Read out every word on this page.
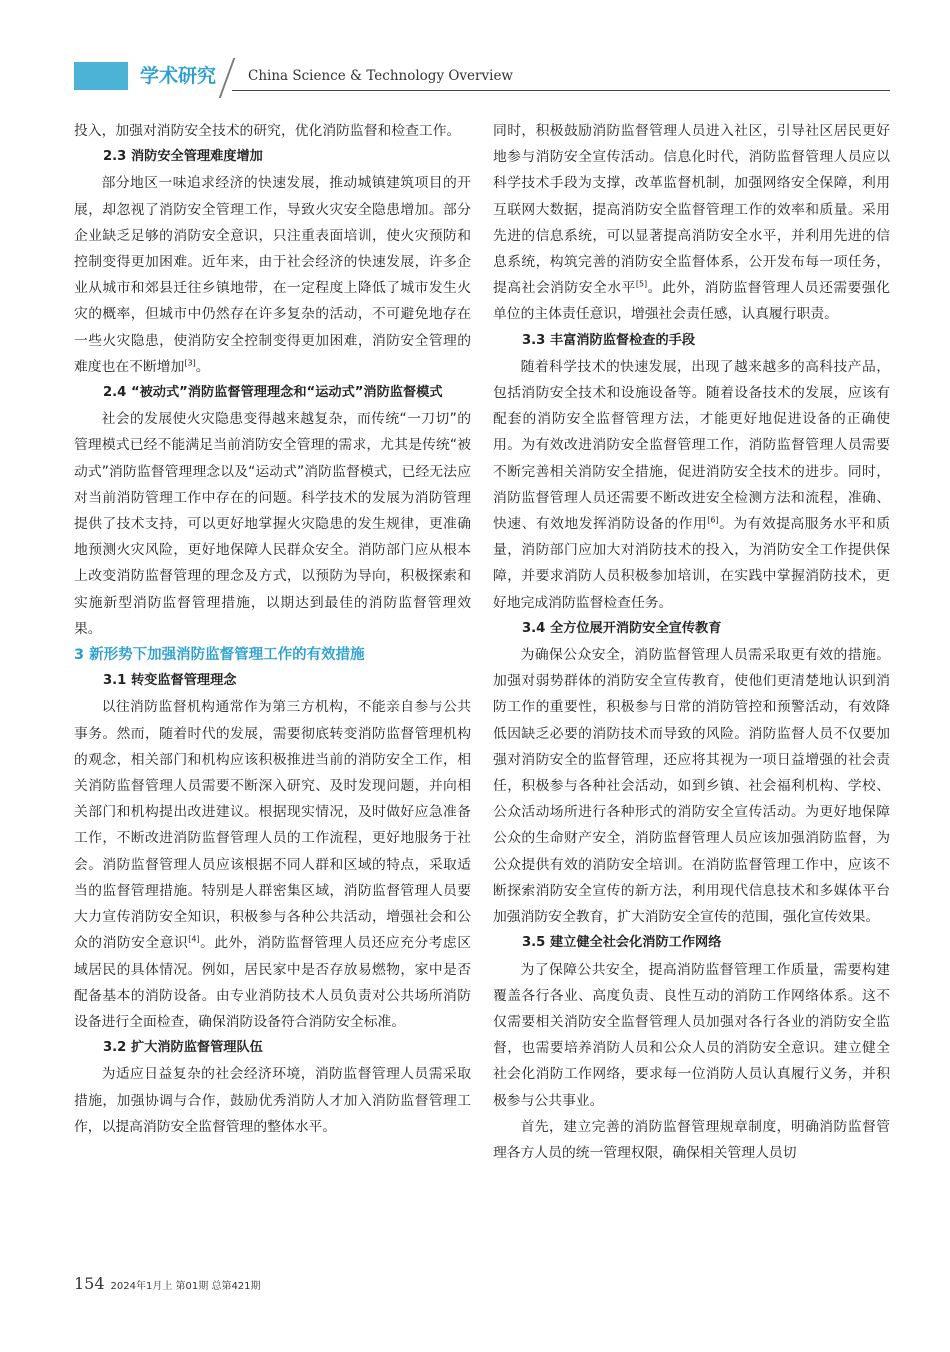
学术研究 China Science & Technology Overview

投入，加强对消防安全技术的研究，优化消防监督和检查工作。

2.3 消防安全管理难度增加

部分地区一味追求经济的快速发展，推动城镇建筑项目的开展，却忽视了消防安全管理工作，导致火灾安全隐患增加。部分企业缺乏足够的消防安全意识，只注重表面培训，使火灾预防和控制变得更加困难。近年来，由于社会经济的快速发展，许多企业从城市和郊县迁往乡镇地带，在一定程度上降低了城市发生火灾的概率，但城市中仍然存在许多复杂的活动，不可避免地存在一些火灾隐患，使消防安全控制变得更加困难，消防安全管理的难度也在不断增加[3]。

2.4 “被动式”消防监督管理理念和“运动式”消防监督模式

社会的发展使火灾隐患变得越来越复杂，而传统“一刀切”的管理模式已经不能满足当前消防安全管理的需求，尤其是传统“被动式”消防监督管理理念以及“运动式”消防监督模式，已经无法应对当前消防管理工作中存在的问题。科学技术的发展为消防管理提供了技术支持，可以更好地掌握火灾隐患的发生规律，更准确地预测火灾风险，更好地保障人民群众安全。消防部门应从根本上改变消防监督管理的理念及方式，以预防为导向，积极探索和实施新型消防监督管理措施，以期达到最佳的消防监督管理效果。

3 新形势下加强消防监督管理工作的有效措施

3.1 转变监督管理理念

以往消防监督机构通常作为第三方机构，不能亲自参与公共事务。然而，随着时代的发展，需要彻底转变消防监督管理机构的观念，相关部门和机构应该积极推进当前的消防安全工作，相关消防监督管理人员需要不断深入研究、及时发现问题，并向相关部门和机构提出改进建议。根据现实情况，及时做好应急准备工作，不断改进消防监督管理人员的工作流程，更好地服务于社会。消防监督管理人员应该根据不同人群和区域的特点，采取适当的监督管理措施。特别是人群密集区域，消防监督管理人员要大力宣传消防安全知识，积极参与各种公共活动，增强社会和公众的消防安全意识[4]。此外，消防监督管理人员还应充分考虑区域居民的具体情况。例如，居民家中是否存放易燃物，家中是否配备基本的消防设备。由专业消防技术人员负责对公共场所消防设备进行全面检查，确保消防设备符合消防安全标准。

3.2 扩大消防监督管理队伍

为适应日益复杂的社会经济环境，消防监督管理人员需采取措施，加强协调与合作，鼓励优秀消防人才加入消防监督管理工作，以提高消防安全监督管理的整体水平。

同时，积极鼓励消防监督管理人员进入社区，引导社区居民更好地参与消防安全宣传活动。信息化时代，消防监督管理人员应以科学技术手段为支撑，改革监督机制，加强网络安全保障，利用互联网大数据，提高消防安全监督管理工作的效率和质量。采用先进的信息系统，可以显著提高消防安全水平，并利用先进的信息系统，构筑完善的消防安全监督体系，公开发布每一项任务，提高社会消防安全水平[5]。此外，消防监督管理人员还需要强化单位的主体责任意识，增强社会责任感，认真履行职责。

3.3 丰富消防监督检查的手段

随着科学技术的快速发展，出现了越来越多的高科技产品，包括消防安全技术和设施设备等。随着设备技术的发展，应该有配套的消防安全监督管理方法，才能更好地促进设备的正确使用。为有效改进消防安全监督管理工作，消防监督管理人员需要不断完善相关消防安全措施，促进消防安全技术的进步。同时，消防监督管理人员还需要不断改进安全检测方法和流程，准确、快速、有效地发挥消防设备的作用[6]。为有效提高服务水平和质量，消防部门应加大对消防技术的投入，为消防安全工作提供保障，并要求消防人员积极参加培训，在实践中掌握消防技术，更好地完成消防监督检查任务。

3.4 全方位展开消防安全宣传教育

为确保公众安全，消防监督管理人员需采取更有效的措施。加强对弱势群体的消防安全宣传教育，使他们更清楚地认识到消防工作的重要性，积极参与日常的消防管控和预警活动，有效降低因缺乏必要的消防技术而导致的风险。消防监督人员不仅要加强对消防安全的监督管理，还应将其视为一项日益增强的社会责任，积极参与各种社会活动，如到乡镇、社会福利机构、学校、公众活动场所进行各种形式的消防安全宣传活动。为更好地保障公众的生命财产安全，消防监督管理人员应该加强消防监督，为公众提供有效的消防安全培训。在消防监督管理工作中，应该不断探索消防安全宣传的新方法，利用现代信息技术和多媒体平台加强消防安全教育，扩大消防安全宣传的范围，强化宣传效果。

3.5 建立健全社会化消防工作网络

为了保障公共安全，提高消防监督管理工作质量，需要构建覆盖各行各业、高度负责、良性互动的消防工作网络体系。这不仅需要相关消防安全监督管理人员加强对各行各业的消防安全监督，也需要培养消防人员和公众人员的消防安全意识。建立健全社会化消防工作网络，要求每一位消防人员认真履行义务，并积极参与公共事业。

首先，建立完善的消防监督管理规章制度，明确消防监督管理各方人员的统一管理权限，确保相关管理人员切

154 2024年1月上 第01期 总第421期
